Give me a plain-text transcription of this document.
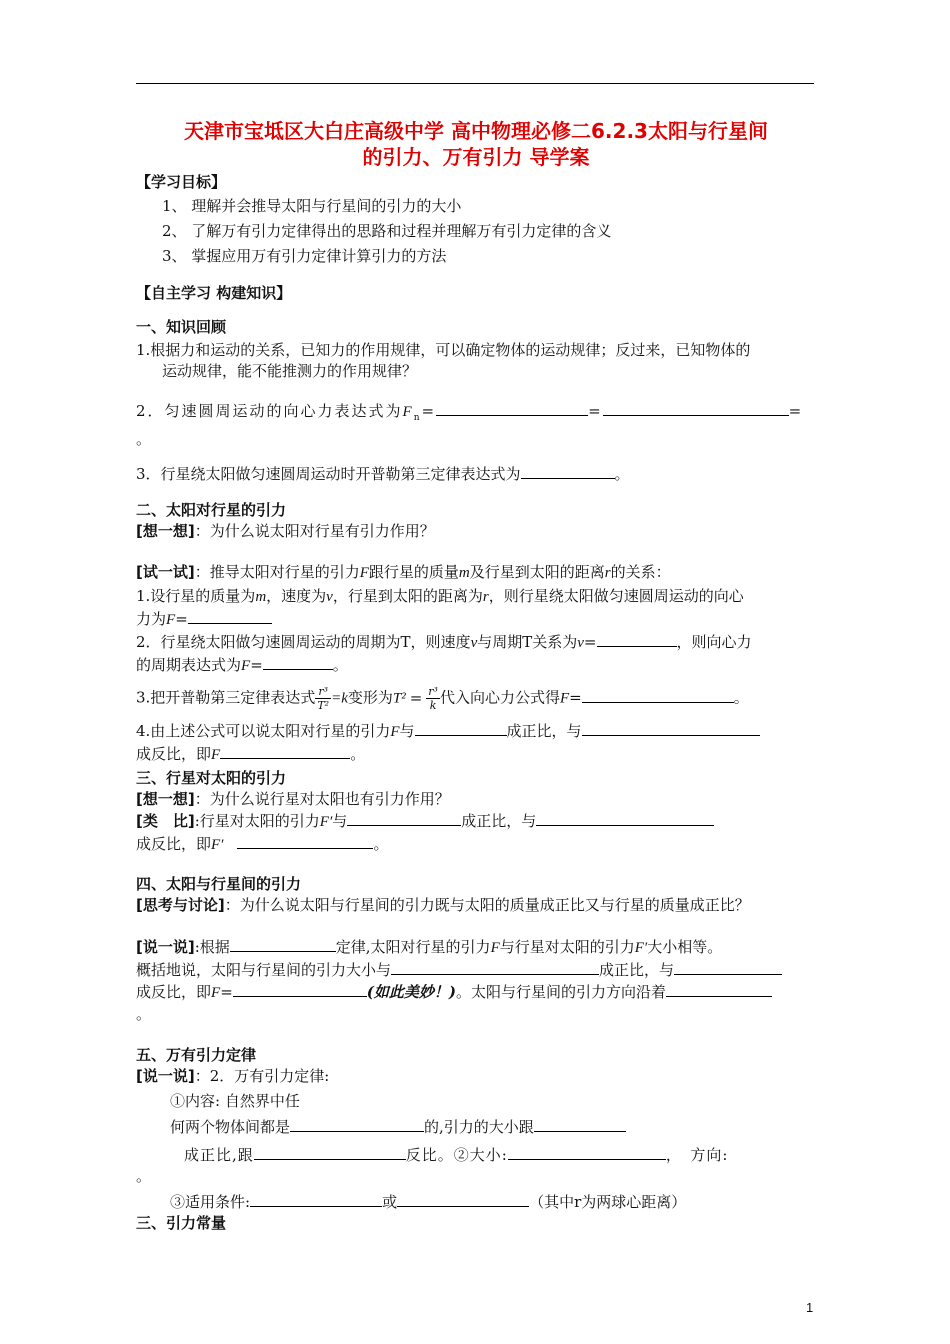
天津市宝坻区大白庄高级中学 高中物理必修二6.2.3太阳与行星间
的引力、万有引力 导学案
【学习目标】
1、 理解并会推导太阳与行星间的引力的大小
2、 了解万有引力定律得出的思路和过程并理解万有引力定律的含义
3、 掌握应用万有引力定律计算引力的方法
【自主学习 构建知识】
一、知识回顾
1.根据力和运动的关系，已知力的作用规律，可以确定物体的运动规律；反过来，已知物体的
运动规律，能不能推测力的作用规律？
2．匀速圆周运动的向心力表达式为$F_n=$	=	=
。
3．行星绕太阳做匀速圆周运动时开普勒第三定律表达式为	。
二、太阳对行星的引力
[想一想]：为什么说太阳对行星有引力作用？
[试一试]：推导太阳对行星的引力F跟行星的质量m及行星到太阳的距离r的关系：
1.设行星的质量为m，速度为v，行星到太阳的距离为r，则行星绕太阳做匀速圆周运动的向心
力为F=
2．行星绕太阳做匀速圆周运动的周期为T，则速度v与周期T关系为v=	，则向心力
的周期表达式为F=	。
3.把开普勒第三定律表达式 $\frac{\text{r³}}{\text{T²}} =k$变形为$T^2 = \frac{\text{r³}}{k}$ 代入向心力公式得F=	。
4.由上述公式可以说太阳对行星的引力F与	成正比，与
成反比，即F	。
三、行星对太阳的引力
[想一想]：为什么说行星对太阳也有引力作用？
[类　比]:行星对太阳的引力F′与	成正比，与
成反比，即F′	。
四、太阳与行星间的引力
[思考与讨论]：为什么说太阳与行星间的引力既与太阳的质量成正比又与行星的质量成正比？
[说一说]:根据	定律,太阳对行星的引力F与行星对太阳的引力F′大小相等。
概括地说，太阳与行星间的引力大小与	成正比，与
成反比，即F=	(如此美妙！)。太阳与行星间的引力方向沿着
。
五、万有引力定律
[说一说]：2．万有引力定律:
①内容: 自然界中任
何两个物体间都是	的,引力的大小跟
成正比,跟	反比。②大小:	，　方向:
。
③适用条件:	或	（其中r为两球心距离）
三、引力常量
1
